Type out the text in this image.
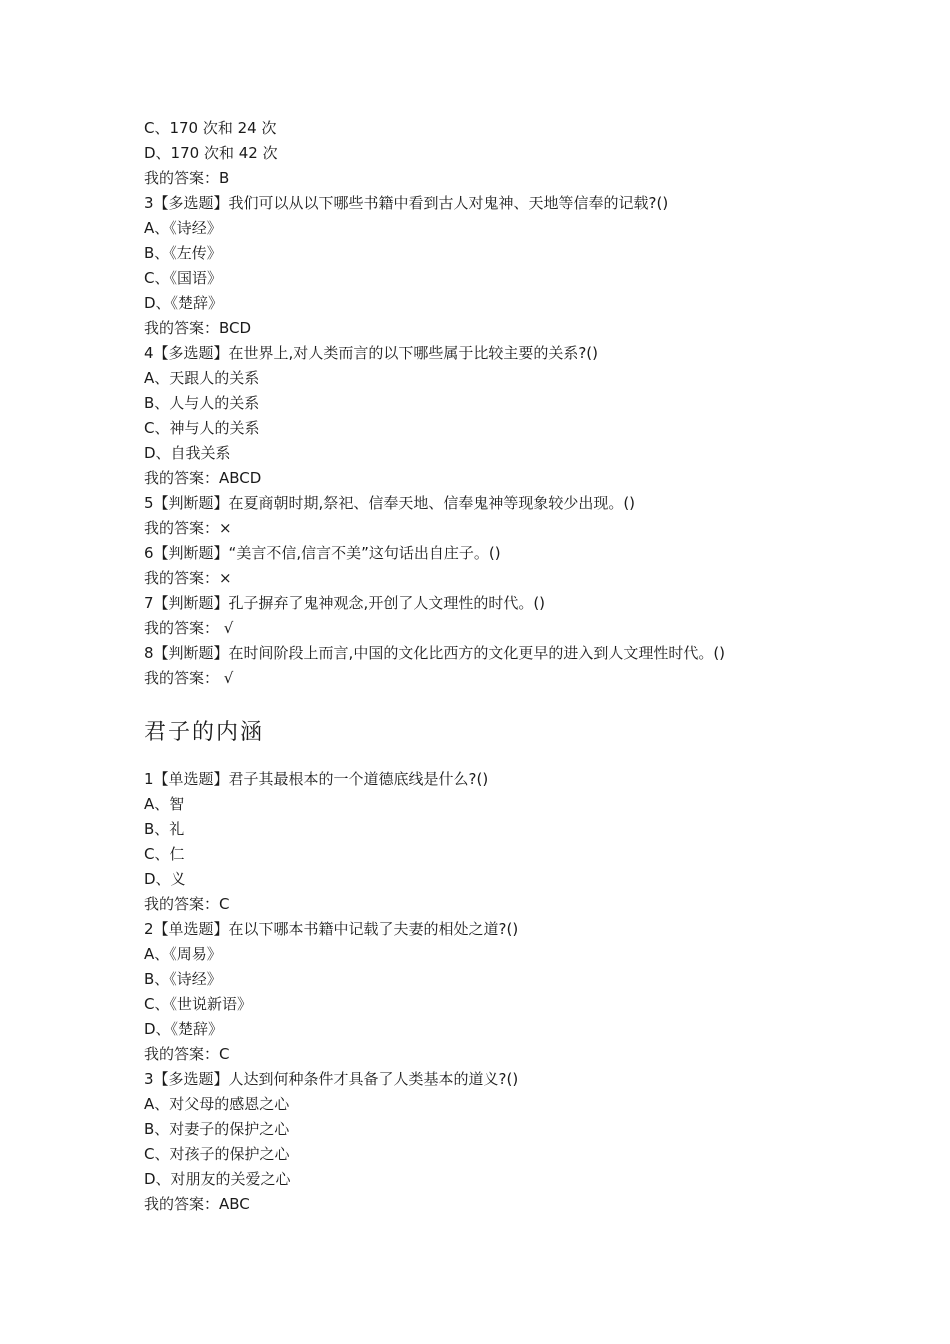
C、170 次和 24 次
D、170 次和 42 次
我的答案：B
3【多选题】我们可以从以下哪些书籍中看到古人对鬼神、天地等信奉的记载?()
A、《诗经》
B、《左传》
C、《国语》
D、《楚辞》
我的答案：BCD
4【多选题】在世界上,对人类而言的以下哪些属于比较主要的关系?()
A、天跟人的关系
B、人与人的关系
C、神与人的关系
D、自我关系
我的答案：ABCD
5【判断题】在夏商朝时期,祭祀、信奉天地、信奉鬼神等现象较少出现。()
我的答案：×
6【判断题】“美言不信,信言不美”这句话出自庄子。()
我的答案：×
7【判断题】孔子摒弃了鬼神观念,开创了人文理性的时代。()
我的答案： √
8【判断题】在时间阶段上而言,中国的文化比西方的文化更早的进入到人文理性时代。()
我的答案： √
君子的内涵
1【单选题】君子其最根本的一个道德底线是什么?()
A、智
B、礼
C、仁
D、义
我的答案：C
2【单选题】在以下哪本书籍中记载了夫妻的相处之道?()
A、《周易》
B、《诗经》
C、《世说新语》
D、《楚辞》
我的答案：C
3【多选题】人达到何种条件才具备了人类基本的道义?()
A、对父母的感恩之心
B、对妻子的保护之心
C、对孩子的保护之心
D、对朋友的关爱之心
我的答案：ABC
